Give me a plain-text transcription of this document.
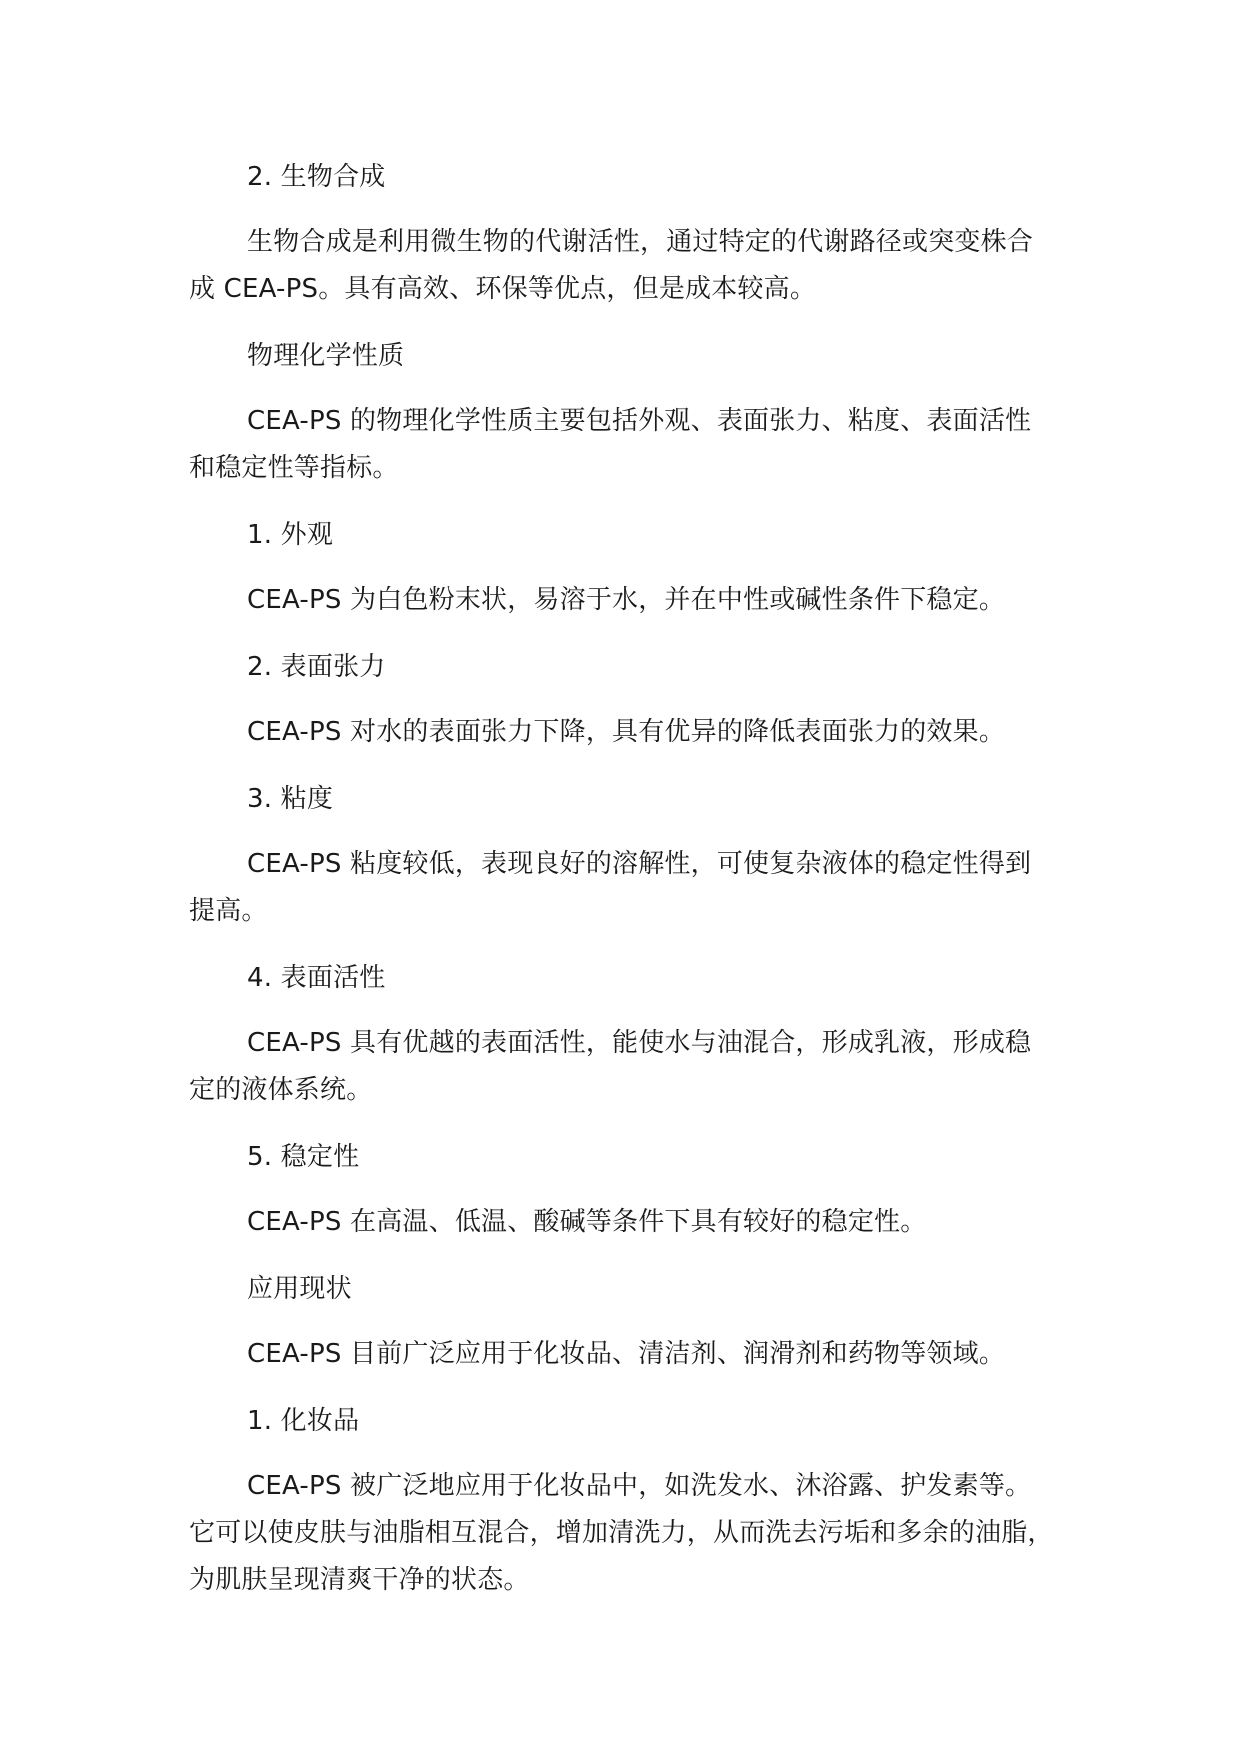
2. 生物合成

生物合成是利用微生物的代谢活性，通过特定的代谢路径或突变株合成 CEA-PS。具有高效、环保等优点，但是成本较高。

物理化学性质

CEA-PS 的物理化学性质主要包括外观、表面张力、粘度、表面活性和稳定性等指标。

1. 外观

CEA-PS 为白色粉末状，易溶于水，并在中性或碱性条件下稳定。

2. 表面张力

CEA-PS 对水的表面张力下降，具有优异的降低表面张力的效果。

3. 粘度

CEA-PS 粘度较低，表现良好的溶解性，可使复杂液体的稳定性得到提高。

4. 表面活性

CEA-PS 具有优越的表面活性，能使水与油混合，形成乳液，形成稳定的液体系统。

5. 稳定性

CEA-PS 在高温、低温、酸碱等条件下具有较好的稳定性。

应用现状

CEA-PS 目前广泛应用于化妆品、清洁剂、润滑剂和药物等领域。

1. 化妆品

CEA-PS 被广泛地应用于化妆品中，如洗发水、沐浴露、护发素等。它可以使皮肤与油脂相互混合，增加清洗力，从而洗去污垢和多余的油脂，为肌肤呈现清爽干净的状态。
